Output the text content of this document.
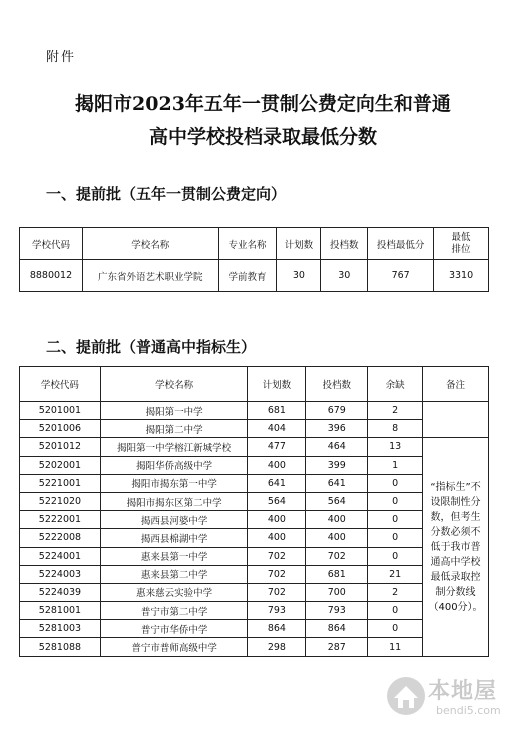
附件
揭阳市2023年五年一贯制公费定向生和普通
高中学校投档录取最低分数
一、提前批（五年一贯制公费定向）
学校代码	学校名称	专业名称	计划数	投档数	投档最低分	最低排位
8880012	广东省外语艺术职业学院	学前教育	30	30	767	3310
二、提前批（普通高中指标生）
学校代码	学校名称	计划数	投档数	余缺	备注
5201001	揭阳第一中学	681	679	2	
5201006	揭阳第二中学	404	396	8	
5201012	揭阳第一中学榕江新城学校	477	464	13	“指标生”不设限制性分数，但考生分数必须不低于我市普通高中学校最低录取控制分数线（400分）。
5202001	揭阳华侨高级中学	400	399	1	
5221001	揭阳市揭东第一中学	641	641	0	
5221020	揭阳市揭东区第二中学	564	564	0	
5222001	揭西县河婆中学	400	400	0	
5222008	揭西县棉湖中学	400	400	0	
5224001	惠来县第一中学	702	702	0	
5224003	惠来县第二中学	702	681	21	
5224039	惠来慈云实验中学	702	700	2	
5281001	普宁市第二中学	793	793	0	
5281003	普宁市华侨中学	864	864	0	
5281088	普宁市普师高级中学	298	287	11	
本地屋
bendi5.com
